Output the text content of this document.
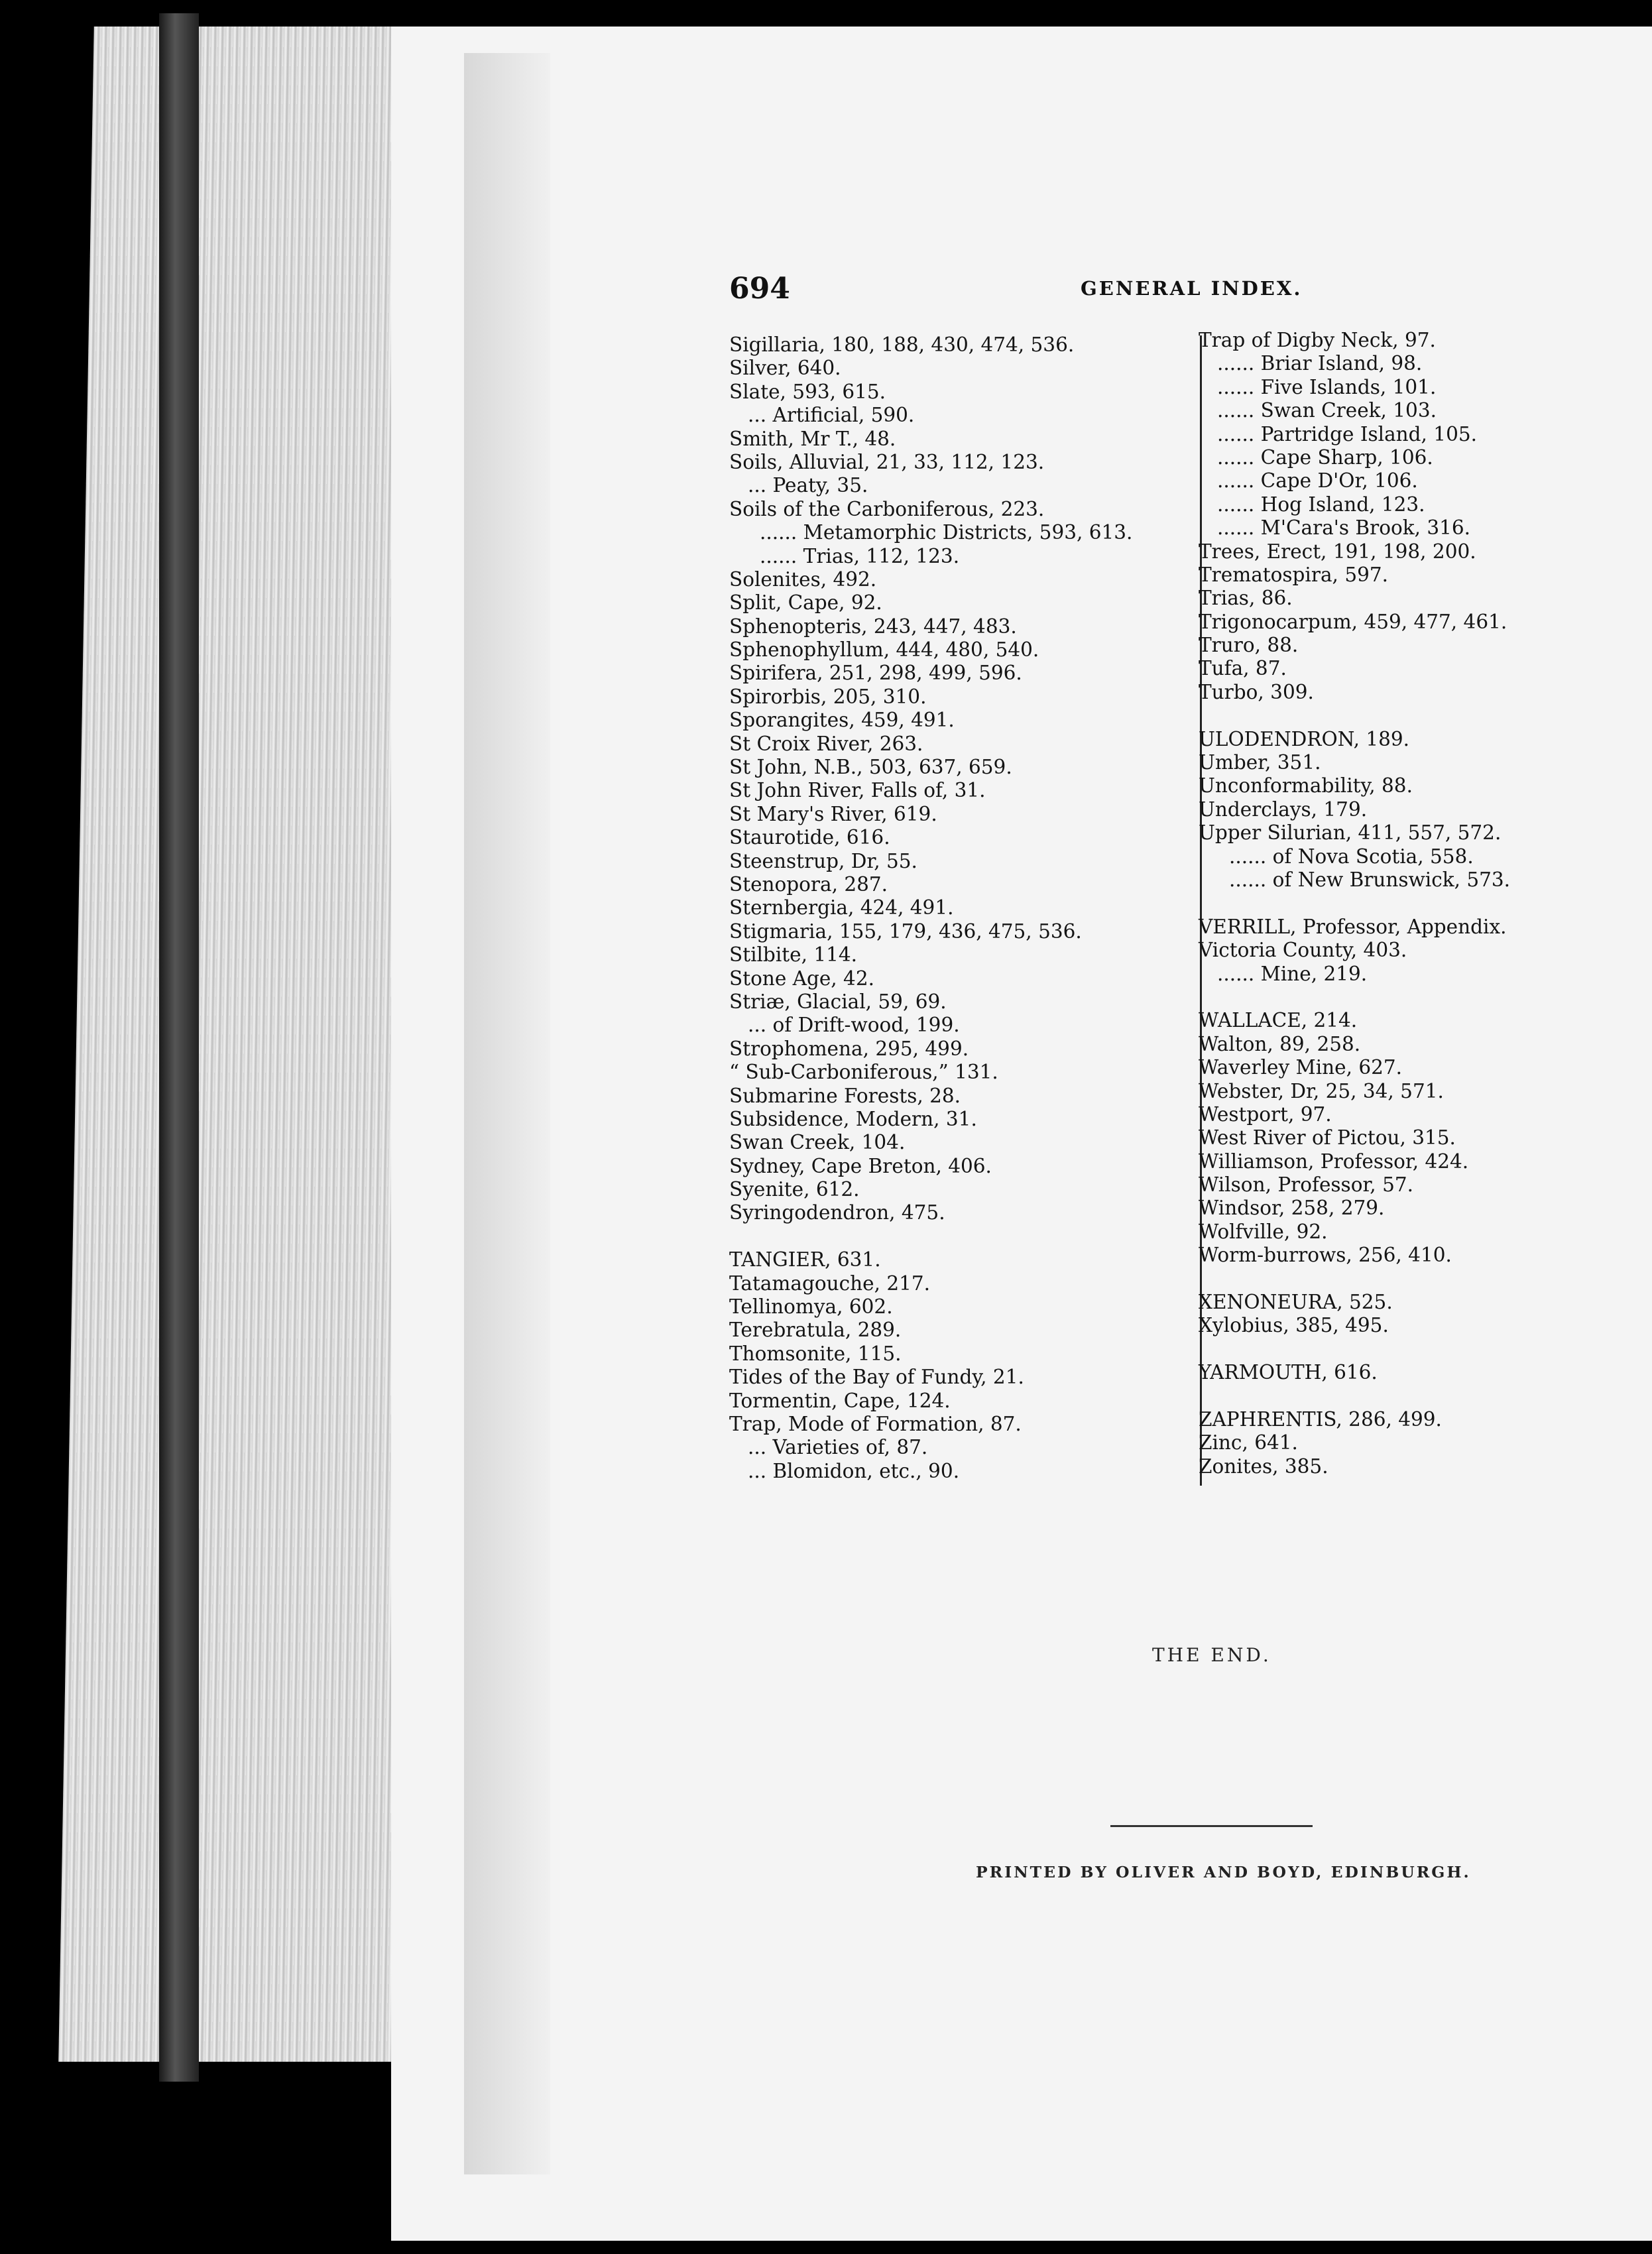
694	GENERAL INDEX.
Sigillaria, 180, 188, 430, 474, 536.
Silver, 640.
Slate, 593, 615.
... Artificial, 590.
Smith, Mr T., 48.
Soils, Alluvial, 21, 33, 112, 123.
... Peaty, 35.
Soils of the Carboniferous, 223.
...... Metamorphic Districts, 593, 613.
...... Trias, 112, 123.
Solenites, 492.
Split, Cape, 92.
Sphenopteris, 243, 447, 483.
Sphenophyllum, 444, 480, 540.
Spirifera, 251, 298, 499, 596.
Spirorbis, 205, 310.
Sporangites, 459, 491.
St Croix River, 263.
St John, N.B., 503, 637, 659.
St John River, Falls of, 31.
St Mary's River, 619.
Staurotide, 616.
Steenstrup, Dr, 55.
Stenopora, 287.
Sternbergia, 424, 491.
Stigmaria, 155, 179, 436, 475, 536.
Stilbite, 114.
Stone Age, 42.
Striæ, Glacial, 59, 69.
... of Drift-wood, 199.
Strophomena, 295, 499.
“ Sub-Carboniferous,” 131.
Submarine Forests, 28.
Subsidence, Modern, 31.
Swan Creek, 104.
Sydney, Cape Breton, 406.
Syenite, 612.
Syringodendron, 475.
TANGIER, 631.
Tatamagouche, 217.
Tellinomya, 602.
Terebratula, 289.
Thomsonite, 115.
Tides of the Bay of Fundy, 21.
Tormentin, Cape, 124.
Trap, Mode of Formation, 87.
... Varieties of, 87.
... Blomidon, etc., 90.
Trap of Digby Neck, 97.
...... Briar Island, 98.
...... Five Islands, 101.
...... Swan Creek, 103.
...... Partridge Island, 105.
...... Cape Sharp, 106.
...... Cape D'Or, 106.
...... Hog Island, 123.
...... M'Cara's Brook, 316.
Trees, Erect, 191, 198, 200.
Trematospira, 597.
Trias, 86.
Trigonocarpum, 459, 477, 461.
Truro, 88.
Tufa, 87.
Turbo, 309.
ULODENDRON, 189.
Umber, 351.
Unconformability, 88.
Underclays, 179.
Upper Silurian, 411, 557, 572.
...... of Nova Scotia, 558.
...... of New Brunswick, 573.
VERRILL, Professor, Appendix.
Victoria County, 403.
...... Mine, 219.
WALLACE, 214.
Walton, 89, 258.
Waverley Mine, 627.
Webster, Dr, 25, 34, 571.
Westport, 97.
West River of Pictou, 315.
Williamson, Professor, 424.
Wilson, Professor, 57.
Windsor, 258, 279.
Wolfville, 92.
Worm-burrows, 256, 410.
XENONEURA, 525.
Xylobius, 385, 495.
YARMOUTH, 616.
ZAPHRENTIS, 286, 499.
Zinc, 641.
Zonites, 385.
THE END.
PRINTED BY OLIVER AND BOYD, EDINBURGH.
